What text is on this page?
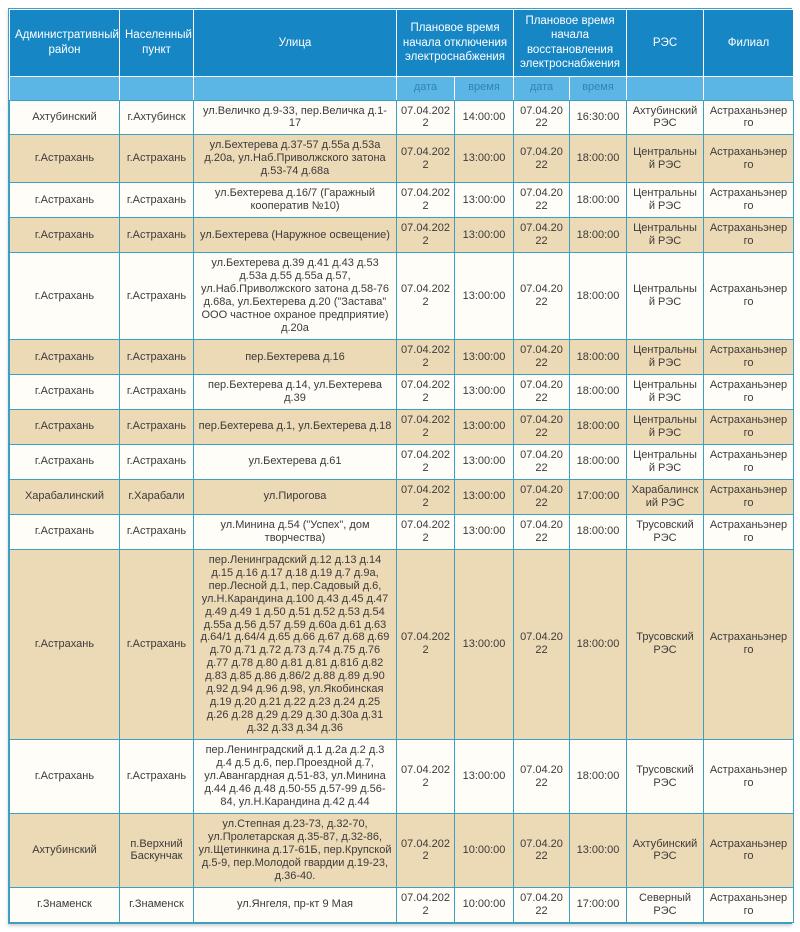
Административный район	Населенный пункт	Улица	Плановое время начала отключения электроснабжения		Плановое время начала восстановления электроснабжения		РЭС	Филиал
			дата	время	дата	время		
Ахтубинский	г.Ахтубинск	ул.Величко д.9-33, пер.Величка д.1-17	07.04.2022	14:00:00	07.04.2022	16:30:00	Ахтубинский РЭС	Астраханьэнерго
г.Астрахань	г.Астрахань	ул.Бехтерева д.37-57 д.55а д.53а д.20а, ул.Наб.Приволжского затона д.53-74 д.68а	07.04.2022	13:00:00	07.04.2022	18:00:00	Центральный РЭС	Астраханьэнерго
г.Астрахань	г.Астрахань	ул.Бехтерева д.16/7 (Гаражный кооператив №10)	07.04.2022	13:00:00	07.04.2022	18:00:00	Центральный РЭС	Астраханьэнерго
г.Астрахань	г.Астрахань	ул.Бехтерева (Наружное освещение)	07.04.2022	13:00:00	07.04.2022	18:00:00	Центральный РЭС	Астраханьэнерго
г.Астрахань	г.Астрахань	ул.Бехтерева д.39 д.41 д.43 д.53 д.53а д.55 д.55а д.57, ул.Наб.Приволжского затона д.58-76 д.68а, ул.Бехтерева д.20 ("Застава" ООО частное охраное предприятие) д.20а	07.04.2022	13:00:00	07.04.2022	18:00:00	Центральный РЭС	Астраханьэнерго
г.Астрахань	г.Астрахань	пер.Бехтерева д.16	07.04.2022	13:00:00	07.04.2022	18:00:00	Центральный РЭС	Астраханьэнерго
г.Астрахань	г.Астрахань	пер.Бехтерева д.14, ул.Бехтерева д.39	07.04.2022	13:00:00	07.04.2022	18:00:00	Центральный РЭС	Астраханьэнерго
г.Астрахань	г.Астрахань	пер.Бехтерева д.1, ул.Бехтерева д.18	07.04.2022	13:00:00	07.04.2022	18:00:00	Центральный РЭС	Астраханьэнерго
г.Астрахань	г.Астрахань	ул.Бехтерева д.61	07.04.2022	13:00:00	07.04.2022	18:00:00	Центральный РЭС	Астраханьэнерго
Харабалинский	г.Харабали	ул.Пирогова	07.04.2022	13:00:00	07.04.2022	17:00:00	Харабалинский РЭС	Астраханьэнерго
г.Астрахань	г.Астрахань	ул.Минина д.54 ("Успех", дом творчества)	07.04.2022	13:00:00	07.04.2022	18:00:00	Трусовский РЭС	Астраханьэнерго
г.Астрахань	г.Астрахань	пер.Ленинградский д.12 д.13 д.14 д.15 д.16 д.17 д.18 д.19 д.7 д.9а, пер.Лесной д.1, пер.Садовый д.6, ул.Н.Карандина д.100 д.43 д.45 д.47 д.49 д.49 1 д.50 д.51 д.52 д.53 д.54 д.55а д.56 д.57 д.59 д.60а д.61 д.63 д.64/1 д.64/4 д.65 д.66 д.67 д.68 д.69 д.70 д.71 д.72 д.73 д.74 д.75 д.76 д.77 д.78 д.80 д.81 д.81 д.81б д.82 д.83 д.85 д.86 д.86/2 д.88 д.89 д.90 д.92 д.94 д.96 д.98, ул.Якобинская д.19 д.20 д.21 д.22 д.23 д.24 д.25 д.26 д.28 д.29 д.29 д.30 д.30а д.31 д.32 д.33 д.34 д.36	07.04.2022	13:00:00	07.04.2022	18:00:00	Трусовский РЭС	Астраханьэнерго
г.Астрахань	г.Астрахань	пер.Ленинградский д.1 д.2а д.2 д.3 д.4 д.5 д.6, пер.Проездной д.7, ул.Авангардная д.51-83, ул.Минина д.44 д.46 д.48 д.50-55 д.57-99 д.56-84, ул.Н.Карандина д.42 д.44	07.04.2022	13:00:00	07.04.2022	18:00:00	Трусовский РЭС	Астраханьэнерго
Ахтубинский	п.Верхний Баскунчак	ул.Степная д.23-73, д.32-70, ул.Пролетарская д.35-87, д.32-86, ул.Щетинкина д.17-61Б, пер.Крупской д.5-9, пер.Молодой гвардии д.19-23, д.36-40.	07.04.2022	10:00:00	07.04.2022	13:00:00	Ахтубинский РЭС	Астраханьэнерго
г.Знаменск	г.Знаменск	ул.Янгеля, пр-кт 9 Мая	07.04.2022	10:00:00	07.04.2022	17:00:00	Северный РЭС	Астраханьэнерго
